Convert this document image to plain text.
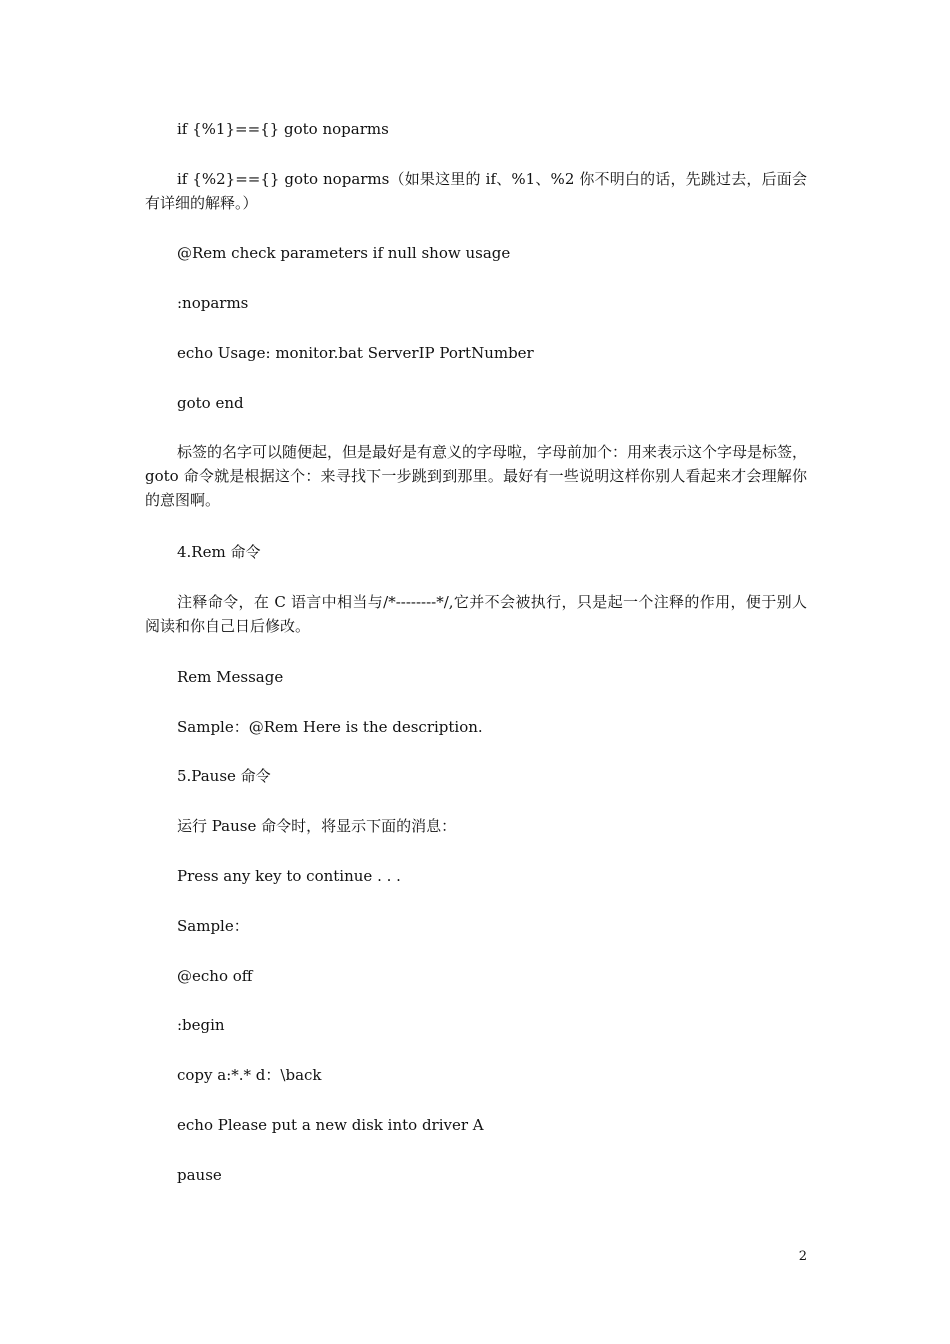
if {%1}=={} goto noparms

if {%2}=={} goto noparms（如果这里的 if、%1、%2 你不明白的话，先跳过去，后面会有详细的解释。）

@Rem check parameters if null show usage

:noparms

echo Usage: monitor.bat ServerIP PortNumber

goto end

标签的名字可以随便起，但是最好是有意义的字母啦，字母前加个：用来表示这个字母是标签，goto 命令就是根据这个：来寻找下一步跳到到那里。最好有一些说明这样你别人看起来才会理解你的意图啊。

4.Rem 命令

注释命令，在 C 语言中相当与/*--------*/,它并不会被执行，只是起一个注释的作用，便于别人阅读和你自己日后修改。

Rem Message

Sample：@Rem Here is the description.

5.Pause 命令

运行 Pause 命令时，将显示下面的消息：

Press any key to continue . . .

Sample：

@echo off

:begin

copy a:*.* d：\back

echo Please put a new disk into driver A

pause

2
